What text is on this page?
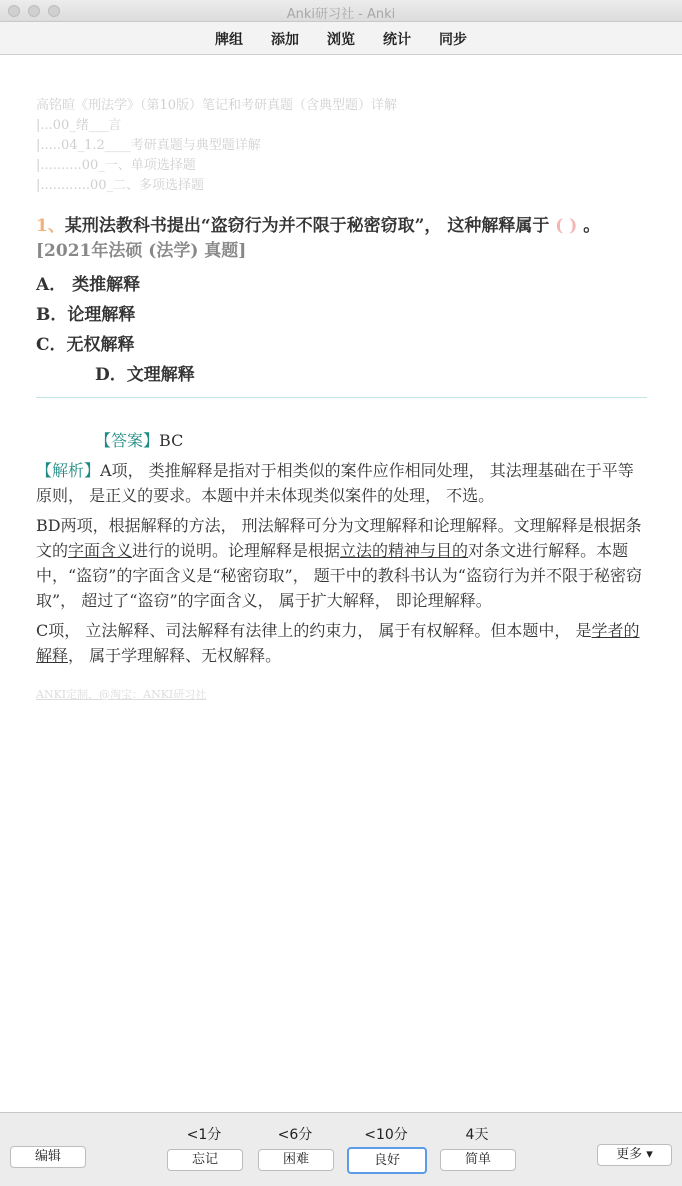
Anki研习社 - Anki
牌组	添加	浏览	统计	同步
高铭暄《刑法学》（第10版）笔记和考研真题（含典型题）详解
|...00_绪___言
|.....04_1.2____考研真题与典型题详解
|..........00_一、单项选择题
|............00_二、多项选择题
1、某刑法教科书提出“盗窃行为并不限于秘密窃取”， 这种解释属于 ( ) 。
[2021年法硕 (法学) 真题]
A． 类推解释
B．论理解释
C．无权解释
D．文理解释
【答案】BC
【解析】A项， 类推解释是指对于相类似的案件应作相同处理， 其法理基础在于平等原则， 是正义的要求。本题中并未体现类似案件的处理， 不选。
BD两项，根据解释的方法， 刑法解释可分为文理解释和论理解释。文理解释是根据条文的字面含义进行的说明。论理解释是根据立法的精神与目的对条文进行解释。本题中，“盗窃”的字面含义是“秘密窃取”， 题干中的教科书认为“盗窃行为并不限于秘密窃取”， 超过了“盗窃”的字面含义， 属于扩大解释， 即论理解释。
C项， 立法解释、司法解释有法律上的约束力， 属于有权解释。但本题中， 是学者的解释， 属于学理解释、无权解释。
ANKI定制，@淘宝：ANKI研习社
编辑
<1分	<6分	<10分	4天
忘记	困难	良好	简单	更多 ▾
